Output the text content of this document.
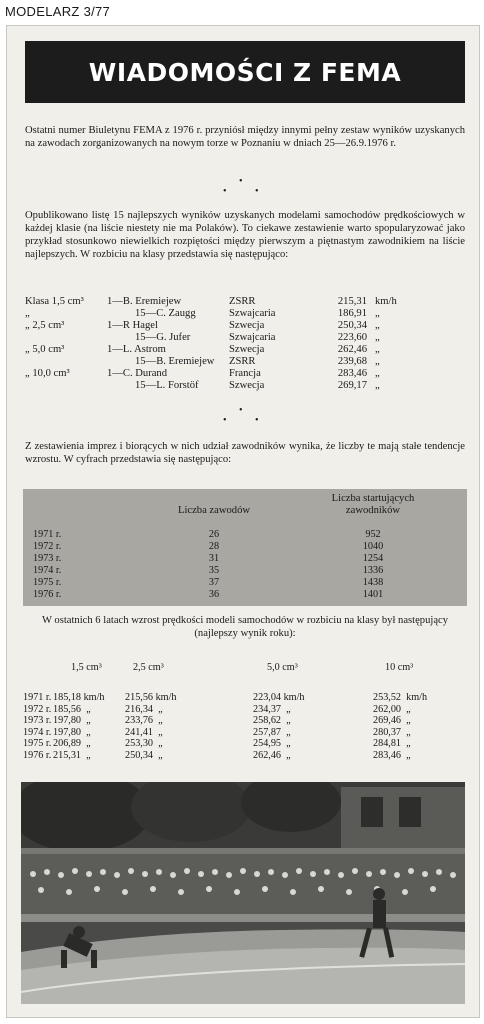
MODELARZ 3/77
WIADOMOŚCI Z FEMA

Ostatni numer Biuletynu FEMA z 1976 r. przyniósł między innymi pełny zestaw wyników uzyskanych na zawodach zorganizowanych na nowym torze w Poznaniu w dniach 25—26.9.1976 r.

•
•	•

Opublikowano listę 15 najlepszych wyników uzyskanych modelami samochodów prędkościowych w każdej klasie (na liście niestety nie ma Polaków). To ciekawe zestawienie warto spopularyzować jako przykład stosunkowo niewielkich rozpiętości między pierwszym a piętnastym zawodnikiem na liście najlepszych. W rozbiciu na klasy przedstawia się następująco:

Klasa 1,5 cm³	1—B. Eremiejew	ZSRR	215,31	km/h
„	15—C. Zaugg	Szwajcaria	186,91	„
„ 2,5 cm³	1—R Hagel	Szwecja	250,34	„
	15—G. Jufer	Szwajcaria	223,60	„
„ 5,0 cm³	1—L. Astrom	Szwecja	262,46	„
	15—B. Eremiejew	ZSRR	239,68	„
„ 10,0 cm³	1—C. Durand	Francja	283,46	„
	15—L. Forstöf	Szwecja	269,17	„
•
•	•

Z zestawienia imprez i biorących w nich udział zawodników wynika, że liczby te mają stałe tendencje wzrostu. W cyfrach przedstawia się następująco:

	Liczba zawodów	Liczba startujących
zawodników

1971 r.	26	952
1972 r.	28	1040
1973 r.	31	1254
1974 r.	35	1336
1975 r.	37	1438
1976 r.	36	1401

W ostatnich 6 latach wzrost prędkości modeli samochodów w rozbiciu na klasy był następujący (najlepszy wynik roku):

	1,5 cm³	2,5 cm³	5,0 cm³	10 cm³

1971 r.	185,18 km/h	215,56 km/h	223,04 km/h	253,52  km/h
1972 r.	185,56  „	216,34  „	234,37  „	262,00  „
1973 r.	197,80  „	233,76  „	258,62  „	269,46  „
1974 r.	197,80  „	241,41  „	257,87  „	280,37  „
1975 r.	206,89  „	253,30  „	254,95  „	284,81  „
1976 r.	215,31  „	250,34  „	262,46  „	283,46  „
